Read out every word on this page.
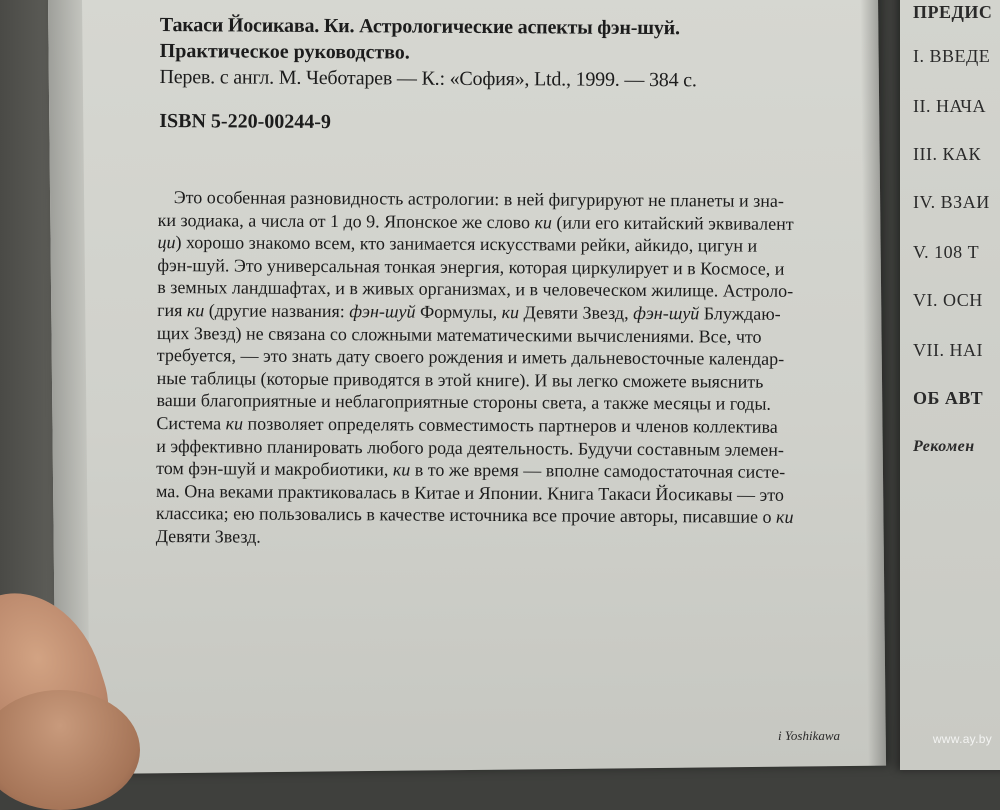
Такаси Йосикава. Ки. Астрологические аспекты фэн-шуй.
Практическое руководство.
Перев. с англ. М. Чеботарев — К.: «София», Ltd., 1999. — 384 с.
ISBN 5-220-00244-9

Это особенная разновидность астрологии: в ней фигурируют не планеты и зна-
ки зодиака, а числа от 1 до 9. Японское же слово ки (или его китайский эквивалент
ци) хорошо знакомо всем, кто занимается искусствами рейки, айкидо, цигун и
фэн-шуй. Это универсальная тонкая энергия, которая циркулирует и в Космосе, и
в земных ландшафтах, и в живых организмах, и в человеческом жилище. Астроло-
гия ки (другие названия: фэн-шуй Формулы, ки Девяти Звезд, фэн-шуй Блуждаю-
щих Звезд) не связана со сложными математическими вычислениями. Все, что
требуется, — это знать дату своего рождения и иметь дальневосточные календар-
ные таблицы (которые приводятся в этой книге). И вы легко сможете выяснить
ваши благоприятные и неблагоприятные стороны света, а также месяцы и годы.
Система ки позволяет определять совместимость партнеров и членов коллектива
и эффективно планировать любого рода деятельность. Будучи составным элемен-
том фэн-шуй и макробиотики, ки в то же время — вполне самодостаточная систе-
ма. Она веками практиковалась в Китае и Японии. Книга Такаси Йосикавы — это
классика; ею пользовались в качестве источника все прочие авторы, писавшие о ки
Девяти Звезд.

ПРЕДИС
I. ВВЕДЕ
II. НАЧА
III. КАК
IV. ВЗАИ
V. 108 Т
VI. ОСН
VII. НАІ
ОБ АВТ
Рекомен
i Yoshikawa	www.ay.by
